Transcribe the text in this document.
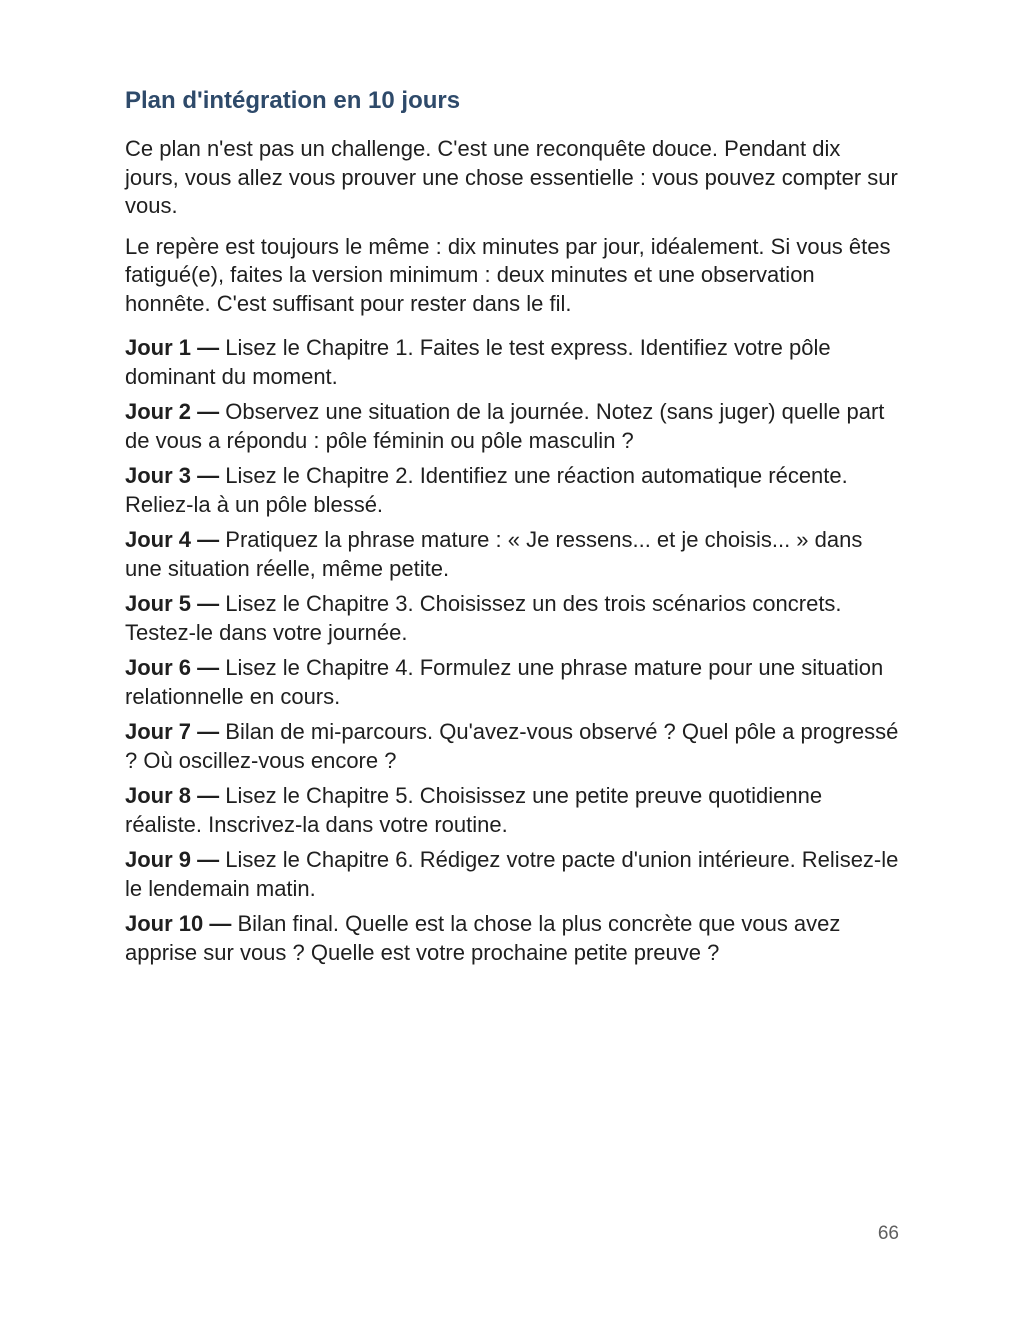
Plan d'intégration en 10 jours

Ce plan n'est pas un challenge. C'est une reconquête douce. Pendant dix jours, vous allez vous prouver une chose essentielle : vous pouvez compter sur vous.

Le repère est toujours le même : dix minutes par jour, idéalement. Si vous êtes fatigué(e), faites la version minimum : deux minutes et une observation honnête. C'est suffisant pour rester dans le fil.

Jour 1 — Lisez le Chapitre 1. Faites le test express. Identifiez votre pôle dominant du moment.

Jour 2 — Observez une situation de la journée. Notez (sans juger) quelle part de vous a répondu : pôle féminin ou pôle masculin ?

Jour 3 — Lisez le Chapitre 2. Identifiez une réaction automatique récente. Reliez-la à un pôle blessé.

Jour 4 — Pratiquez la phrase mature : « Je ressens... et je choisis... » dans une situation réelle, même petite.

Jour 5 — Lisez le Chapitre 3. Choisissez un des trois scénarios concrets. Testez-le dans votre journée.

Jour 6 — Lisez le Chapitre 4. Formulez une phrase mature pour une situation relationnelle en cours.

Jour 7 — Bilan de mi-parcours. Qu'avez-vous observé ? Quel pôle a progressé ? Où oscillez-vous encore ?

Jour 8 — Lisez le Chapitre 5. Choisissez une petite preuve quotidienne réaliste. Inscrivez-la dans votre routine.

Jour 9 — Lisez le Chapitre 6. Rédigez votre pacte d'union intérieure. Relisez-le le lendemain matin.

Jour 10 — Bilan final. Quelle est la chose la plus concrète que vous avez apprise sur vous ? Quelle est votre prochaine petite preuve ?

66
